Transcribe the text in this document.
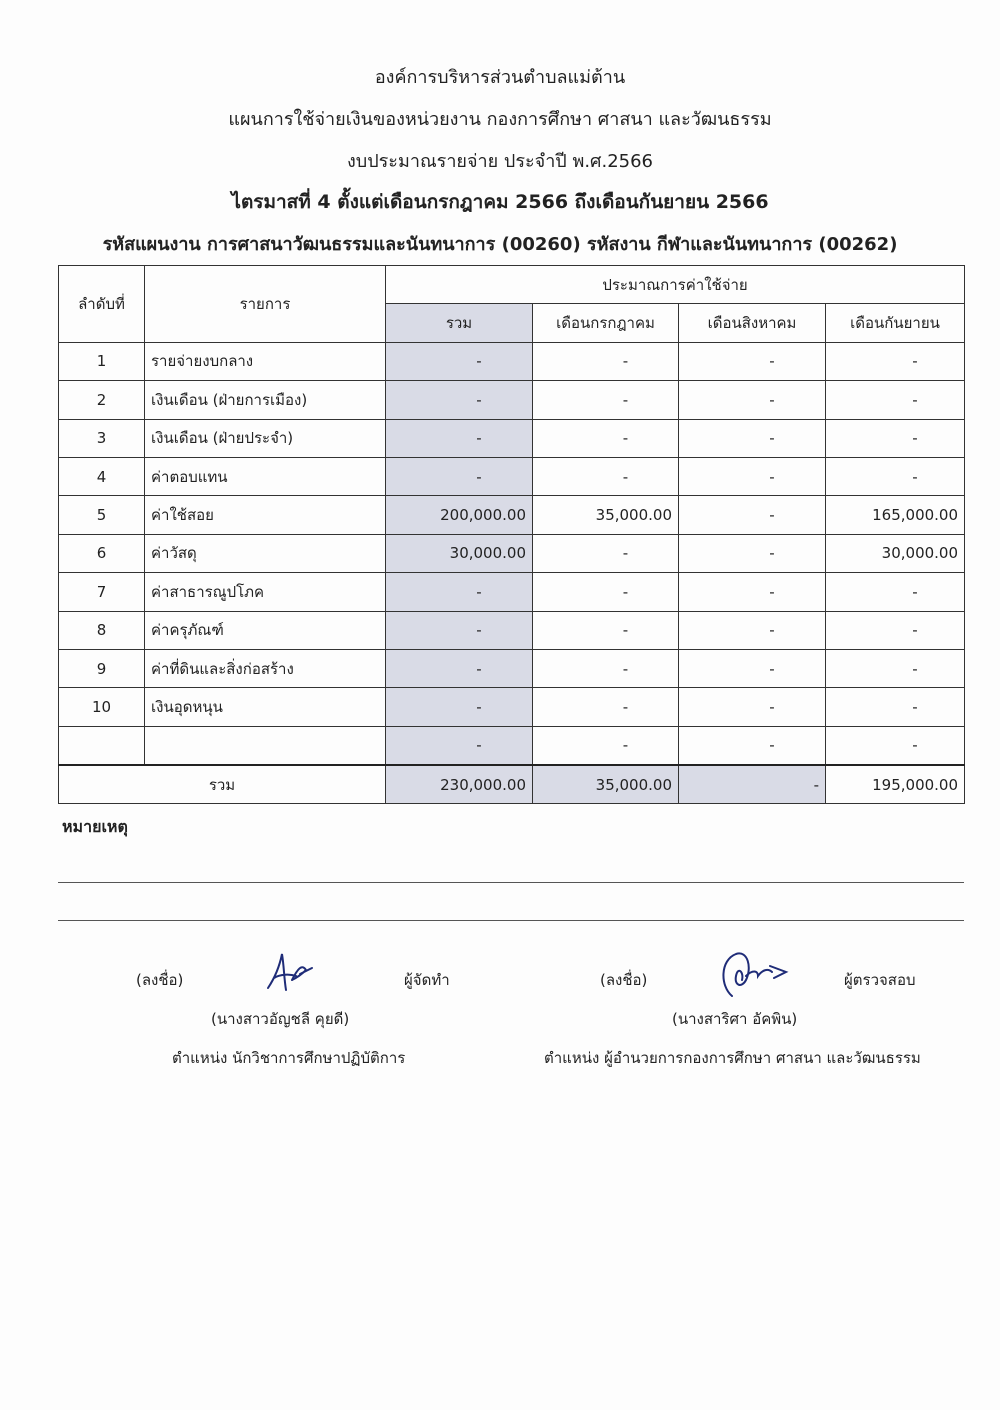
องค์การบริหารส่วนตำบลแม่ต้าน
แผนการใช้จ่ายเงินของหน่วยงาน กองการศึกษา ศาสนา และวัฒนธรรม
งบประมาณรายจ่าย ประจำปี พ.ศ.2566
ไตรมาสที่ 4 ตั้งแต่เดือนกรกฎาคม 2566 ถึงเดือนกันยายน 2566
รหัสแผนงาน การศาสนาวัฒนธรรมและนันทนาการ (00260) รหัสงาน กีฬาและนันทนาการ (00262)
ลำดับที่	รายการ	ประมาณการค่าใช้จ่าย			
		รวม	เดือนกรกฎาคม	เดือนสิงหาคม	เดือนกันยายน
1	รายจ่ายงบกลาง	-	-	-	-
2	เงินเดือน (ฝ่ายการเมือง)	-	-	-	-
3	เงินเดือน (ฝ่ายประจำ)	-	-	-	-
4	ค่าตอบแทน	-	-	-	-
5	ค่าใช้สอย	200,000.00	35,000.00	-	165,000.00
6	ค่าวัสดุ	30,000.00	-	-	30,000.00
7	ค่าสาธารณูปโภค	-	-	-	-
8	ค่าครุภัณฑ์	-	-	-	-
9	ค่าที่ดินและสิ่งก่อสร้าง	-	-	-	-
10	เงินอุดหนุน	-	-	-	-
		-	-	-	-
รวม		230,000.00	35,000.00	-	195,000.00
หมายเหตุ
(ลงชื่อ)	ผู้จัดทำ
(นางสาวอัญชลี คุยดี)
ตำแหน่ง นักวิชาการศึกษาปฏิบัติการ
(ลงชื่อ)	ผู้ตรวจสอบ
(นางสาริศา อัคพิน)
ตำแหน่ง ผู้อำนวยการกองการศึกษา ศาสนา และวัฒนธรรม
